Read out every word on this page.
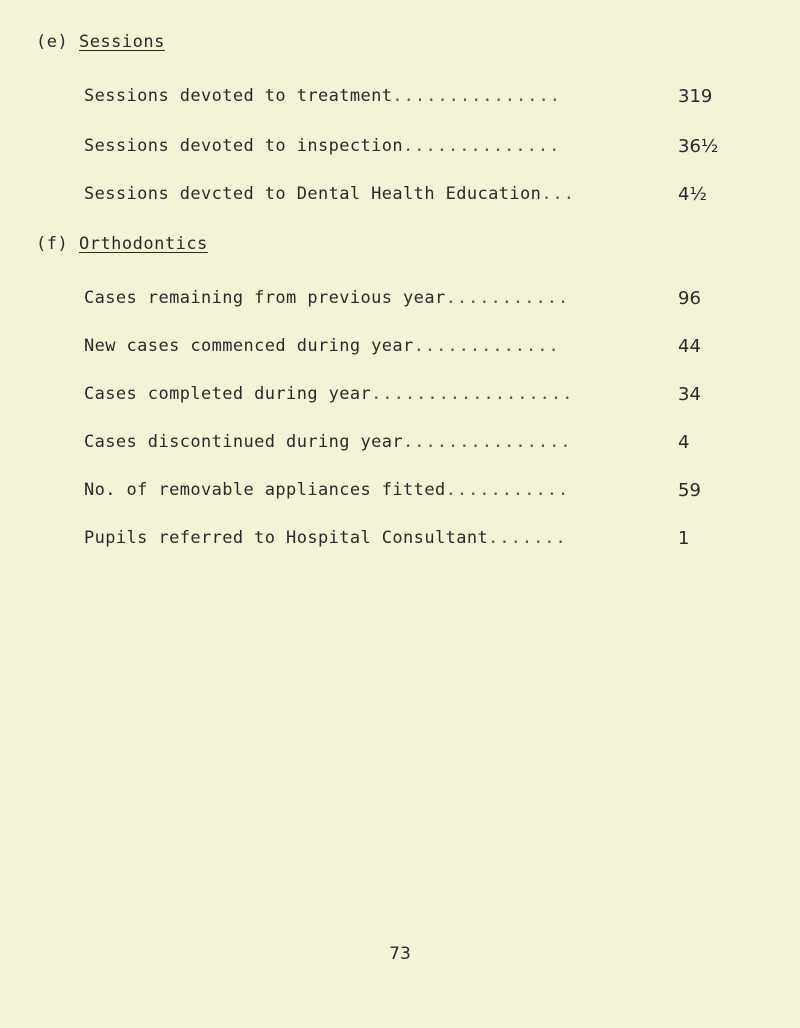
(e) Sessions
Sessions devoted to treatment...............	319
Sessions devoted to inspection..............	36½
Sessions devcted to Dental Health Education...	4½
(f) Orthodontics
Cases remaining from previous year...........	96
New cases commenced during year.............	44
Cases completed during year..................	34
Cases discontinued during year...............	4
No. of removable appliances fitted...........	59
Pupils referred to Hospital Consultant.......	1
73
